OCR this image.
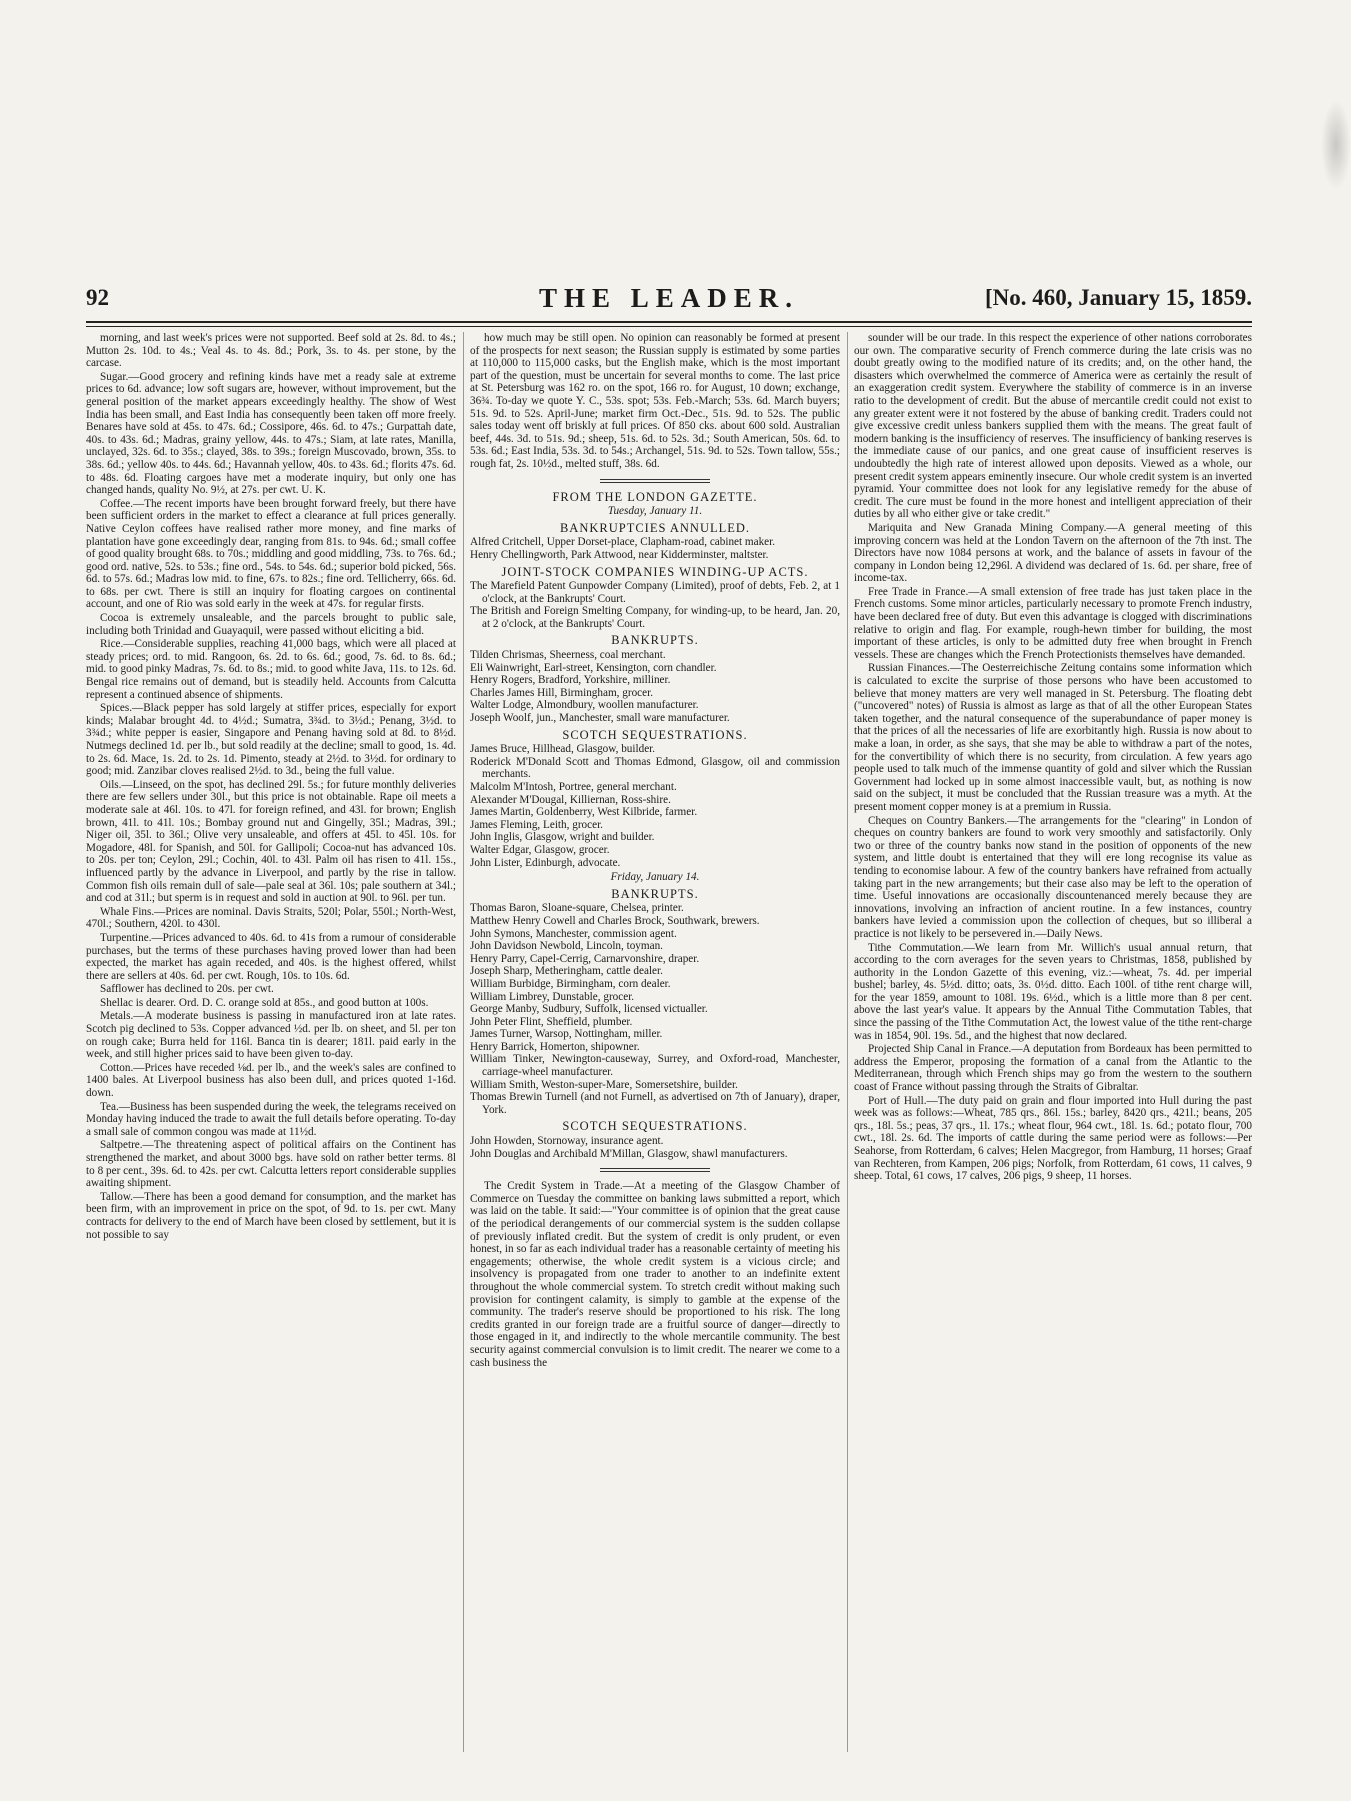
92	THE LEADER.	[No. 460, January 15, 1859.

morning, and last week's prices were not supported. Beef sold at 2s. 8d. to 4s.; Mutton 2s. 10d. to 4s.; Veal 4s. to 4s. 8d.; Pork, 3s. to 4s. per stone, by the carcase.

Sugar.—Good grocery and refining kinds have met a ready sale at extreme prices to 6d. advance; low soft sugars are, however, without improvement, but the general position of the market appears exceedingly healthy. The show of West India has been small, and East India has consequently been taken off more freely. Benares have sold at 45s. to 47s. 6d.; Cossipore, 46s. 6d. to 47s.; Gurpattah date, 40s. to 43s. 6d.; Madras, grainy yellow, 44s. to 47s.; Siam, at late rates, Manilla, unclayed, 32s. 6d. to 35s.; clayed, 38s. to 39s.; foreign Muscovado, brown, 35s. to 38s. 6d.; yellow 40s. to 44s. 6d.; Havannah yellow, 40s. to 43s. 6d.; florits 47s. 6d. to 48s. 6d. Floating cargoes have met a moderate inquiry, but only one has changed hands, quality No. 9½, at 27s. per cwt. U. K.

Coffee.—The recent imports have been brought forward freely, but there have been sufficient orders in the market to effect a clearance at full prices generally. Native Ceylon coffees have realised rather more money, and fine marks of plantation have gone exceedingly dear, ranging from 81s. to 94s. 6d.; small coffee of good quality brought 68s. to 70s.; middling and good middling, 73s. to 76s. 6d.; good ord. native, 52s. to 53s.; fine ord., 54s. to 54s. 6d.; superior bold picked, 56s. 6d. to 57s. 6d.; Madras low mid. to fine, 67s. to 82s.; fine ord. Tellicherry, 66s. 6d. to 68s. per cwt. There is still an inquiry for floating cargoes on continental account, and one of Rio was sold early in the week at 47s. for regular firsts.

Cocoa is extremely unsaleable, and the parcels brought to public sale, including both Trinidad and Guayaquil, were passed without eliciting a bid.

Rice.—Considerable supplies, reaching 41,000 bags, which were all placed at steady prices; ord. to mid. Rangoon, 6s. 2d. to 6s. 6d.; good, 7s. 6d. to 8s. 6d.; mid. to good pinky Madras, 7s. 6d. to 8s.; mid. to good white Java, 11s. to 12s. 6d. Bengal rice remains out of demand, but is steadily held. Accounts from Calcutta represent a continued absence of shipments.

Spices.—Black pepper has sold largely at stiffer prices, especially for export kinds; Malabar brought 4d. to 4½d.; Sumatra, 3¾d. to 3½d.; Penang, 3½d. to 3¾d.; white pepper is easier, Singapore and Penang having sold at 8d. to 8½d. Nutmegs declined 1d. per lb., but sold readily at the decline; small to good, 1s. 4d. to 2s. 6d. Mace, 1s. 2d. to 2s. 1d. Pimento, steady at 2½d. to 3½d. for ordinary to good; mid. Zanzibar cloves realised 2½d. to 3d., being the full value.

Oils.—Linseed, on the spot, has declined 29l. 5s.; for future monthly deliveries there are few sellers under 30l., but this price is not obtainable. Rape oil meets a moderate sale at 46l. 10s. to 47l. for foreign refined, and 43l. for brown; English brown, 41l. to 41l. 10s.; Bombay ground nut and Gingelly, 35l.; Madras, 39l.; Niger oil, 35l. to 36l.; Olive very unsaleable, and offers at 45l. to 45l. 10s. for Mogadore, 48l. for Spanish, and 50l. for Gallipoli; Cocoa-nut has advanced 10s. to 20s. per ton; Ceylon, 29l.; Cochin, 40l. to 43l. Palm oil has risen to 41l. 15s., influenced partly by the advance in Liverpool, and partly by the rise in tallow. Common fish oils remain dull of sale—pale seal at 36l. 10s; pale southern at 34l.; and cod at 31l.; but sperm is in request and sold in auction at 90l. to 96l. per tun.

Whale Fins.—Prices are nominal. Davis Straits, 520l; Polar, 550l.; North-West, 470l.; Southern, 420l. to 430l.

Turpentine.—Prices advanced to 40s. 6d. to 41s from a rumour of considerable purchases, but the terms of these purchases having proved lower than had been expected, the market has again receded, and 40s. is the highest offered, whilst there are sellers at 40s. 6d. per cwt. Rough, 10s. to 10s. 6d.

Safflower has declined to 20s. per cwt.

Shellac is dearer. Ord. D. C. orange sold at 85s., and good button at 100s.

Metals.—A moderate business is passing in manufactured iron at late rates. Scotch pig declined to 53s. Copper advanced ½d. per lb. on sheet, and 5l. per ton on rough cake; Burra held for 116l. Banca tin is dearer; 181l. paid early in the week, and still higher prices said to have been given to-day.

Cotton.—Prices have receded ⅛d. per lb., and the week's sales are confined to 1400 bales. At Liverpool business has also been dull, and prices quoted 1-16d. down.

Tea.—Business has been suspended during the week, the telegrams received on Monday having induced the trade to await the full details before operating. To-day a small sale of common congou was made at 11½d.

Saltpetre.—The threatening aspect of political affairs on the Continent has strengthened the market, and about 3000 bgs. have sold on rather better terms. 8l to 8 per cent., 39s. 6d. to 42s. per cwt. Calcutta letters report considerable supplies awaiting shipment.

Tallow.—There has been a good demand for consumption, and the market has been firm, with an improvement in price on the spot, of 9d. to 1s. per cwt. Many contracts for delivery to the end of March have been closed by settlement, but it is not possible to say

how much may be still open. No opinion can reasonably be formed at present of the prospects for next season; the Russian supply is estimated by some parties at 110,000 to 115,000 casks, but the English make, which is the most important part of the question, must be uncertain for several months to come. The last price at St. Petersburg was 162 ro. on the spot, 166 ro. for August, 10 down; exchange, 36¾. To-day we quote Y. C., 53s. spot; 53s. Feb.-March; 53s. 6d. March buyers; 51s. 9d. to 52s. April-June; market firm Oct.-Dec., 51s. 9d. to 52s. The public sales today went off briskly at full prices. Of 850 cks. about 600 sold. Australian beef, 44s. 3d. to 51s. 9d.; sheep, 51s. 6d. to 52s. 3d.; South American, 50s. 6d. to 53s. 6d.; East India, 53s. 3d. to 54s.; Archangel, 51s. 9d. to 52s. Town tallow, 55s.; rough fat, 2s. 10½d., melted stuff, 38s. 6d.

FROM THE LONDON GAZETTE.

Tuesday, January 11.

BANKRUPTCIES ANNULLED.

Alfred Critchell, Upper Dorset-place, Clapham-road, cabinet maker.

Henry Chellingworth, Park Attwood, near Kidderminster, maltster.

JOINT-STOCK COMPANIES WINDING-UP ACTS.

The Marefield Patent Gunpowder Company (Limited), proof of debts, Feb. 2, at 1 o'clock, at the Bankrupts' Court.

The British and Foreign Smelting Company, for winding-up, to be heard, Jan. 20, at 2 o'clock, at the Bankrupts' Court.

BANKRUPTS.

Tilden Chrismas, Sheerness, coal merchant.

Eli Wainwright, Earl-street, Kensington, corn chandler.

Henry Rogers, Bradford, Yorkshire, milliner.

Charles James Hill, Birmingham, grocer.

Walter Lodge, Almondbury, woollen manufacturer.

Joseph Woolf, jun., Manchester, small ware manufacturer.

SCOTCH SEQUESTRATIONS.

James Bruce, Hillhead, Glasgow, builder.

Roderick M'Donald Scott and Thomas Edmond, Glasgow, oil and commission merchants.

Malcolm M'Intosh, Portree, general merchant.

Alexander M'Dougal, Killiernan, Ross-shire.

James Martin, Goldenberry, West Kilbride, farmer.

James Fleming, Leith, grocer.

John Inglis, Glasgow, wright and builder.

Walter Edgar, Glasgow, grocer.

John Lister, Edinburgh, advocate.

Friday, January 14.

BANKRUPTS.

Thomas Baron, Sloane-square, Chelsea, printer.

Matthew Henry Cowell and Charles Brock, Southwark, brewers.

John Symons, Manchester, commission agent.

John Davidson Newbold, Lincoln, toyman.

Henry Parry, Capel-Cerrig, Carnarvonshire, draper.

Joseph Sharp, Metheringham, cattle dealer.

William Burbidge, Birmingham, corn dealer.

William Limbrey, Dunstable, grocer.

George Manby, Sudbury, Suffolk, licensed victualler.

John Peter Flint, Sheffield, plumber.

James Turner, Warsop, Nottingham, miller.

Henry Barrick, Homerton, shipowner.

William Tinker, Newington-causeway, Surrey, and Oxford-road, Manchester, carriage-wheel manufacturer.

William Smith, Weston-super-Mare, Somersetshire, builder.

Thomas Brewin Turnell (and not Furnell, as advertised on 7th of January), draper, York.

SCOTCH SEQUESTRATIONS.

John Howden, Stornoway, insurance agent.

John Douglas and Archibald M'Millan, Glasgow, shawl manufacturers.

The Credit System in Trade.—At a meeting of the Glasgow Chamber of Commerce on Tuesday the committee on banking laws submitted a report, which was laid on the table. It said:—"Your committee is of opinion that the great cause of the periodical derangements of our commercial system is the sudden collapse of previously inflated credit. But the system of credit is only prudent, or even honest, in so far as each individual trader has a reasonable certainty of meeting his engagements; otherwise, the whole credit system is a vicious circle; and insolvency is propagated from one trader to another to an indefinite extent throughout the whole commercial system. To stretch credit without making such provision for contingent calamity, is simply to gamble at the expense of the community. The trader's reserve should be proportioned to his risk. The long credits granted in our foreign trade are a fruitful source of danger—directly to those engaged in it, and indirectly to the whole mercantile community. The best security against commercial convulsion is to limit credit. The nearer we come to a cash business the

sounder will be our trade. In this respect the experience of other nations corroborates our own. The comparative security of French commerce during the late crisis was no doubt greatly owing to the modified nature of its credits; and, on the other hand, the disasters which overwhelmed the commerce of America were as certainly the result of an exaggeration credit system. Everywhere the stability of commerce is in an inverse ratio to the development of credit. But the abuse of mercantile credit could not exist to any greater extent were it not fostered by the abuse of banking credit. Traders could not give excessive credit unless bankers supplied them with the means. The great fault of modern banking is the insufficiency of reserves. The insufficiency of banking reserves is the immediate cause of our panics, and one great cause of insufficient reserves is undoubtedly the high rate of interest allowed upon deposits. Viewed as a whole, our present credit system appears eminently insecure. Our whole credit system is an inverted pyramid. Your committee does not look for any legislative remedy for the abuse of credit. The cure must be found in the more honest and intelligent appreciation of their duties by all who either give or take credit."

Mariquita and New Granada Mining Company.—A general meeting of this improving concern was held at the London Tavern on the afternoon of the 7th inst. The Directors have now 1084 persons at work, and the balance of assets in favour of the company in London being 12,296l. A dividend was declared of 1s. 6d. per share, free of income-tax.

Free Trade in France.—A small extension of free trade has just taken place in the French customs. Some minor articles, particularly necessary to promote French industry, have been declared free of duty. But even this advantage is clogged with discriminations relative to origin and flag. For example, rough-hewn timber for building, the most important of these articles, is only to be admitted duty free when brought in French vessels. These are changes which the French Protectionists themselves have demanded.

Russian Finances.—The Oesterreichische Zeitung contains some information which is calculated to excite the surprise of those persons who have been accustomed to believe that money matters are very well managed in St. Petersburg. The floating debt ("uncovered" notes) of Russia is almost as large as that of all the other European States taken together, and the natural consequence of the superabundance of paper money is that the prices of all the necessaries of life are exorbitantly high. Russia is now about to make a loan, in order, as she says, that she may be able to withdraw a part of the notes, for the convertibility of which there is no security, from circulation. A few years ago people used to talk much of the immense quantity of gold and silver which the Russian Government had locked up in some almost inaccessible vault, but, as nothing is now said on the subject, it must be concluded that the Russian treasure was a myth. At the present moment copper money is at a premium in Russia.

Cheques on Country Bankers.—The arrangements for the "clearing" in London of cheques on country bankers are found to work very smoothly and satisfactorily. Only two or three of the country banks now stand in the position of opponents of the new system, and little doubt is entertained that they will ere long recognise its value as tending to economise labour. A few of the country bankers have refrained from actually taking part in the new arrangements; but their case also may be left to the operation of time. Useful innovations are occasionally discountenanced merely because they are innovations, involving an infraction of ancient routine. In a few instances, country bankers have levied a commission upon the collection of cheques, but so illiberal a practice is not likely to be persevered in.—Daily News.

Tithe Commutation.—We learn from Mr. Willich's usual annual return, that according to the corn averages for the seven years to Christmas, 1858, published by authority in the London Gazette of this evening, viz.:—wheat, 7s. 4d. per imperial bushel; barley, 4s. 5½d. ditto; oats, 3s. 0½d. ditto. Each 100l. of tithe rent charge will, for the year 1859, amount to 108l. 19s. 6½d., which is a little more than 8 per cent. above the last year's value. It appears by the Annual Tithe Commutation Tables, that since the passing of the Tithe Commutation Act, the lowest value of the tithe rent-charge was in 1854, 90l. 19s. 5d., and the highest that now declared.

Projected Ship Canal in France.—A deputation from Bordeaux has been permitted to address the Emperor, proposing the formation of a canal from the Atlantic to the Mediterranean, through which French ships may go from the western to the southern coast of France without passing through the Straits of Gibraltar.

Port of Hull.—The duty paid on grain and flour imported into Hull during the past week was as follows:—Wheat, 785 qrs., 86l. 15s.; barley, 8420 qrs., 421l.; beans, 205 qrs., 18l. 5s.; peas, 37 qrs., 1l. 17s.; wheat flour, 964 cwt., 18l. 1s. 6d.; potato flour, 700 cwt., 18l. 2s. 6d. The imports of cattle during the same period were as follows:—Per Seahorse, from Rotterdam, 6 calves; Helen Macgregor, from Hamburg, 11 horses; Graaf van Rechteren, from Kampen, 206 pigs; Norfolk, from Rotterdam, 61 cows, 11 calves, 9 sheep. Total, 61 cows, 17 calves, 206 pigs, 9 sheep, 11 horses.
